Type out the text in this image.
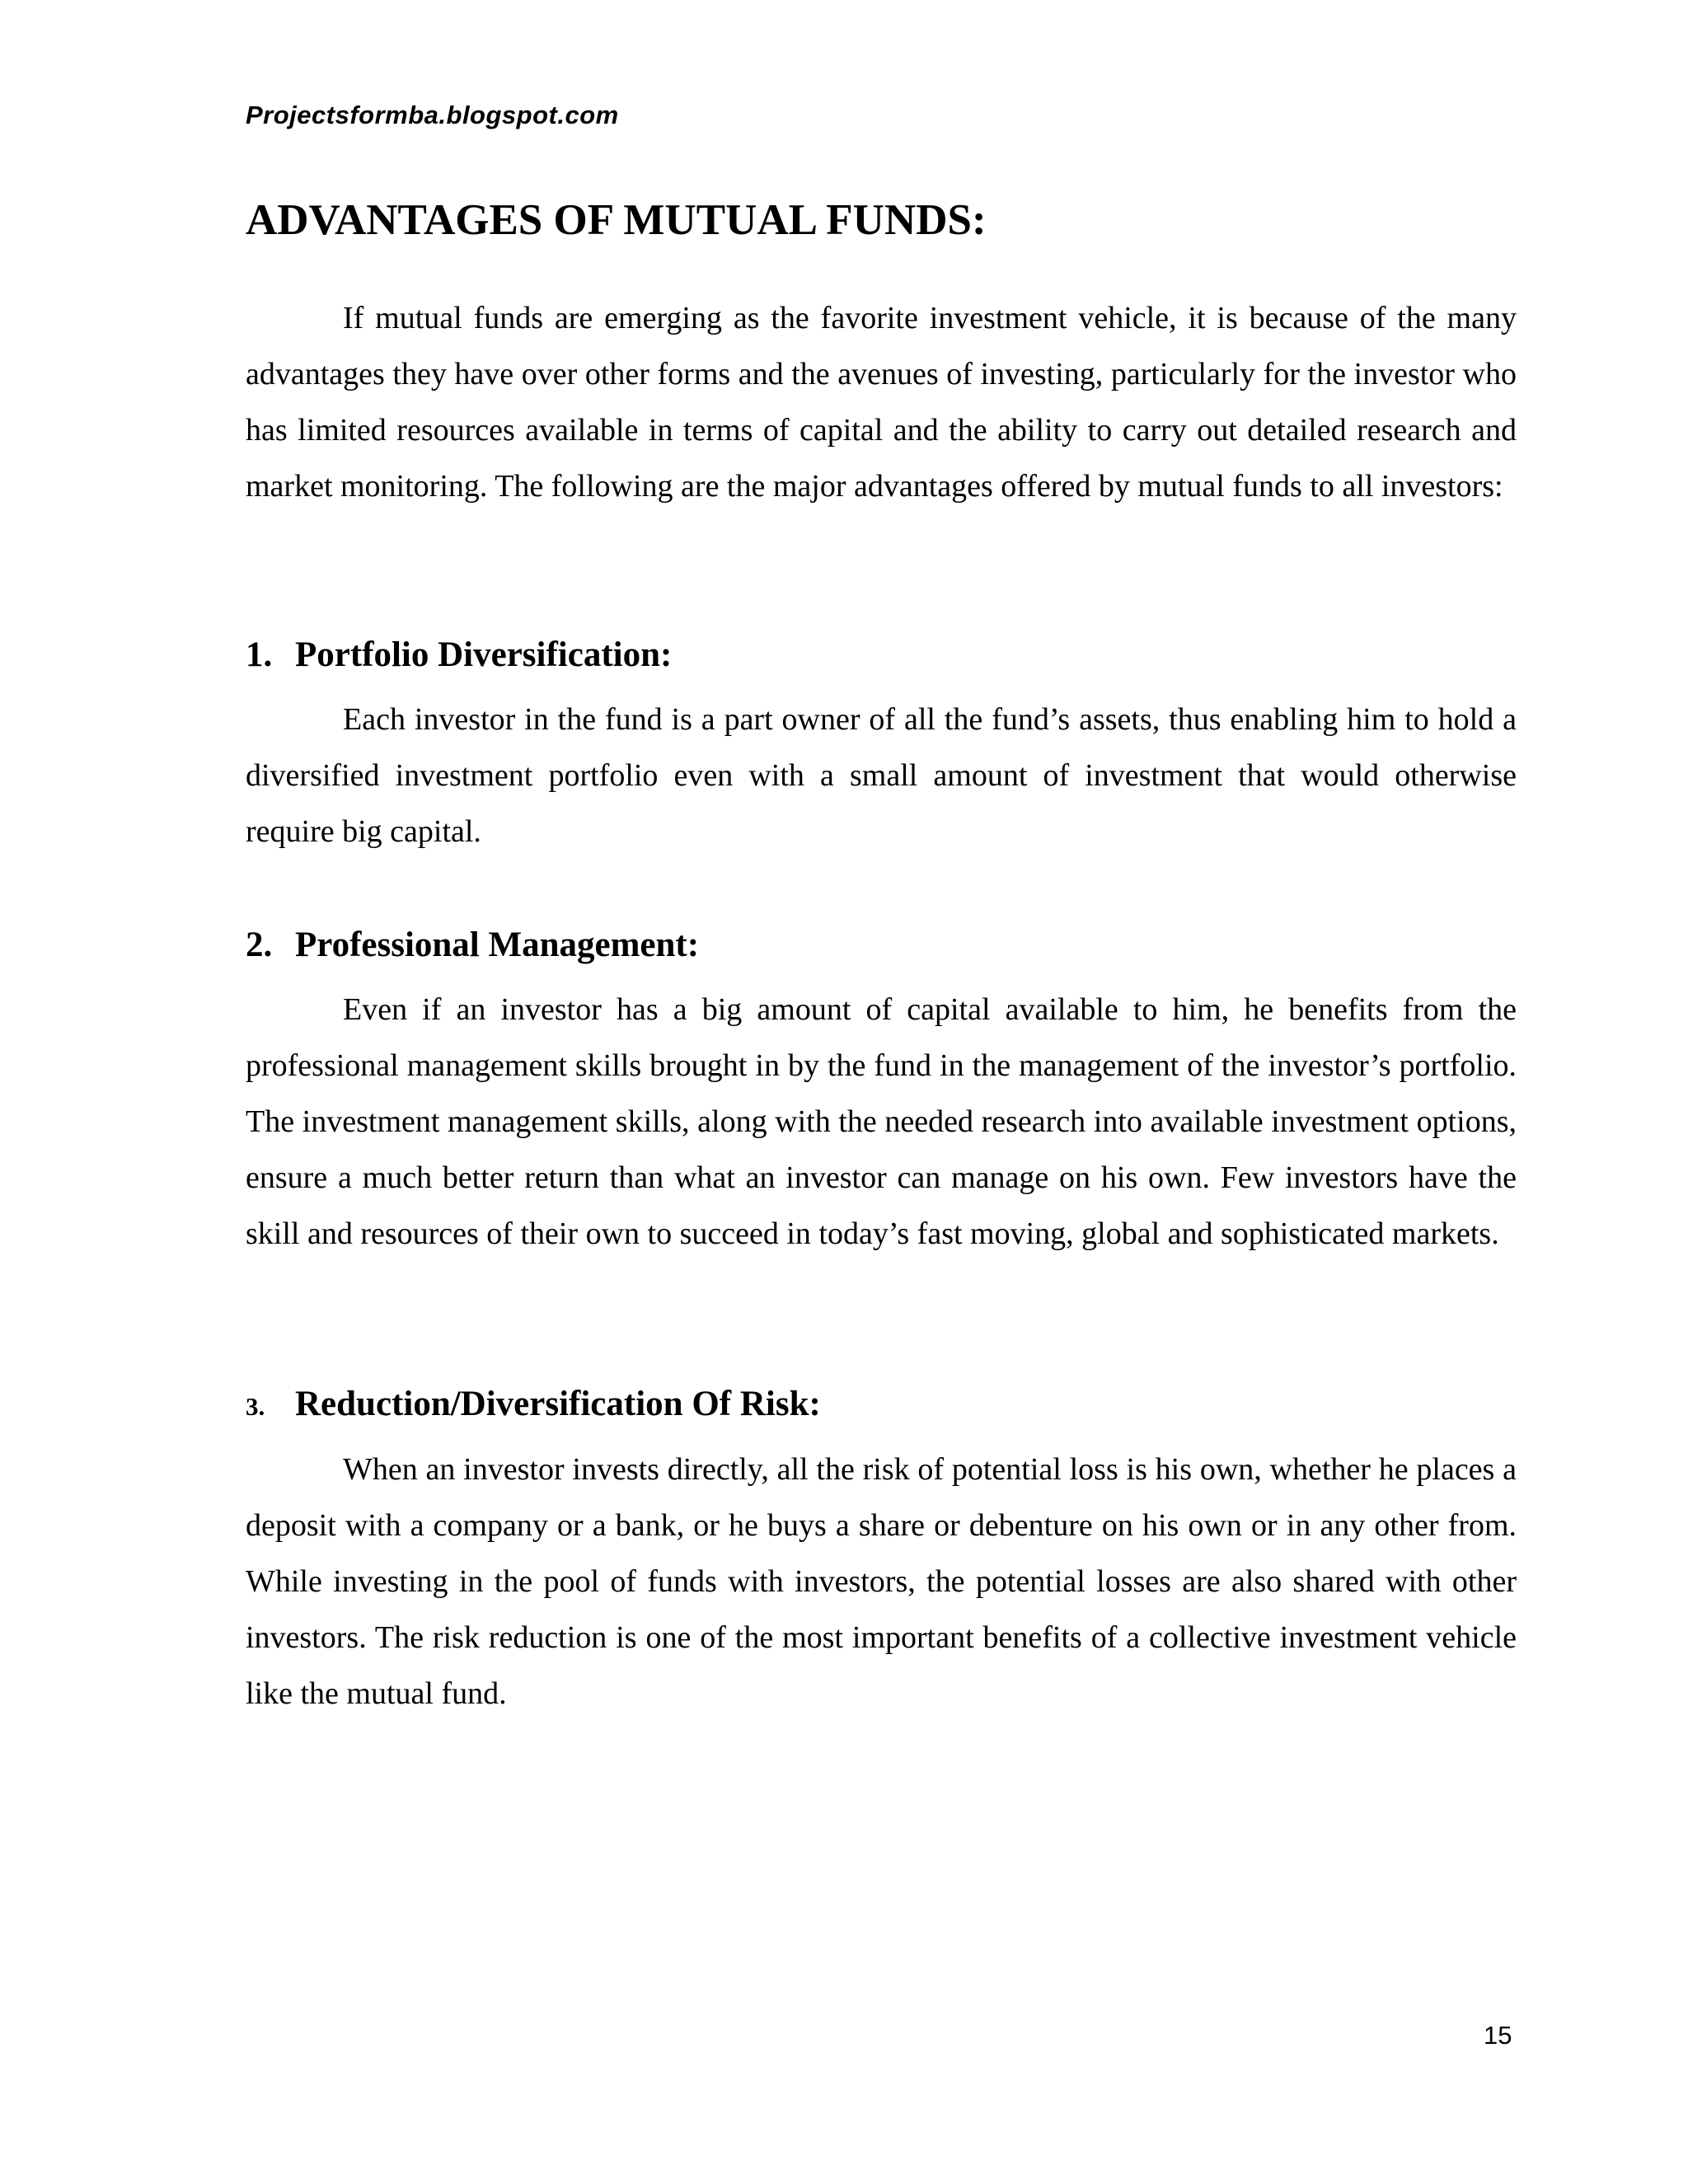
Projectsformba.blogspot.com
ADVANTAGES OF MUTUAL FUNDS:

If mutual funds are emerging as the favorite investment vehicle, it is because of the many advantages they have over other forms and the avenues of investing, particularly for the investor who has limited resources available in terms of capital and the ability to carry out detailed research and market monitoring. The following are the major advantages offered by mutual funds to all investors:

1. Portfolio Diversification:

Each investor in the fund is a part owner of all the fund’s assets, thus enabling him to hold a diversified investment portfolio even with a small amount of investment that would otherwise require big capital.

2. Professional Management:

Even if an investor has a big amount of capital available to him, he benefits from the professional management skills brought in by the fund in the management of the investor’s portfolio. The investment management skills, along with the needed research into available investment options, ensure a much better return than what an investor can manage on his own. Few investors have the skill and resources of their own to succeed in today’s fast moving, global and sophisticated markets.

3. Reduction/Diversification Of Risk:

When an investor invests directly, all the risk of potential loss is his own, whether he places a deposit with a company or a bank, or he buys a share or debenture on his own or in any other from. While investing in the pool of funds with investors, the potential losses are also shared with other investors. The risk reduction is one of the most important benefits of a collective investment vehicle like the mutual fund.

15
